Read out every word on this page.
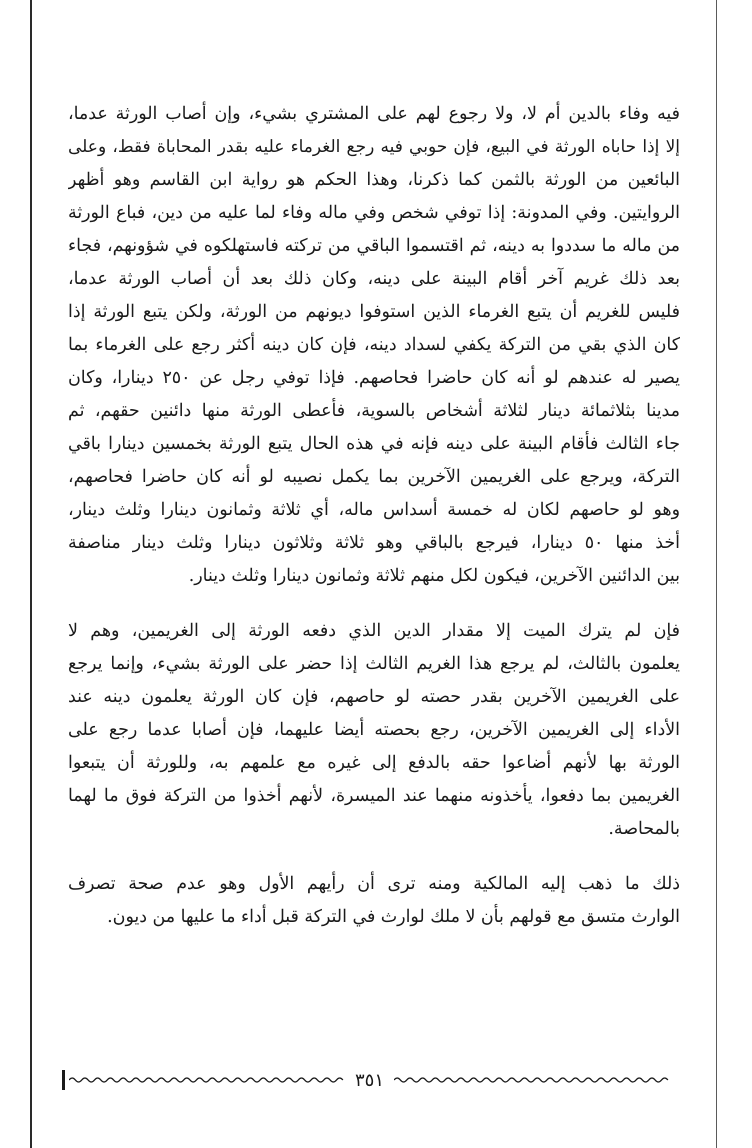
فيه وفاء بالدين أم لا، ولا رجوع لهم على المشتري بشيء، وإن أصاب الورثة عدما،
إلا إذا حاباه الورثة في البيع، فإن حوبي فيه رجع الغرماء عليه بقدر المحاباة فقط، وعلى
البائعين من الورثة بالثمن كما ذكرنا، وهذا الحكم هو رواية ابن القاسم وهو أظهر
الروايتين. وفي المدونة: إذا توفي شخص وفي ماله وفاء لما عليه من دين، فباع الورثة
من ماله ما سددوا به دينه، ثم اقتسموا الباقي من تركته فاستهلكوه في شؤونهم، فجاء
بعد ذلك غريم آخر أقام البينة على دينه، وكان ذلك بعد أن أصاب الورثة عدما،
فليس للغريم أن يتبع الغرماء الذين استوفوا ديونهم من الورثة، ولكن يتبع الورثة إذا
كان الذي بقي من التركة يكفي لسداد دينه، فإن كان دينه أكثر رجع على الغرماء بما
يصير له عندهم لو أنه كان حاضرا فحاصهم. فإذا توفي رجل عن ٢٥٠ دينارا، وكان
مدينا بثلاثمائة دينار لثلاثة أشخاص بالسوية، فأعطى الورثة منها دائنين حقهم، ثم
جاء الثالث فأقام البينة على دينه فإنه في هذه الحال يتبع الورثة بخمسين دينارا باقي
التركة، ويرجع على الغريمين الآخرين بما يكمل نصيبه لو أنه كان حاضرا فحاصهم،
وهو لو حاصهم لكان له خمسة أسداس ماله، أي ثلاثة وثمانون دينارا وثلث دينار،
أخذ منها ٥٠ دينارا، فيرجع بالباقي وهو ثلاثة وثلاثون دينارا وثلث دينار مناصفة
بين الدائنين الآخرين، فيكون لكل منهم ثلاثة وثمانون دينارا وثلث دينار.

فإن لم يترك الميت إلا مقدار الدين الذي دفعه الورثة إلى الغريمين، وهم لا
يعلمون بالثالث، لم يرجع هذا الغريم الثالث إذا حضر على الورثة بشيء، وإنما يرجع
على الغريمين الآخرين بقدر حصته لو حاصهم، فإن كان الورثة يعلمون دينه عند
الأداء إلى الغريمين الآخرين، رجع بحصته أيضا عليهما، فإن أصابا عدما رجع على
الورثة بها لأنهم أضاعوا حقه بالدفع إلى غيره مع علمهم به، وللورثة أن يتبعوا
الغريمين بما دفعوا، يأخذونه منهما عند الميسرة، لأنهم أخذوا من التركة فوق ما لهما
بالمحاصة.

ذلك ما ذهب إليه المالكية ومنه ترى أن رأيهم الأول وهو عدم صحة تصرف
الوارث متسق مع قولهم بأن لا ملك لوارث في التركة قبل أداء ما عليها من ديون.

٣٥١
